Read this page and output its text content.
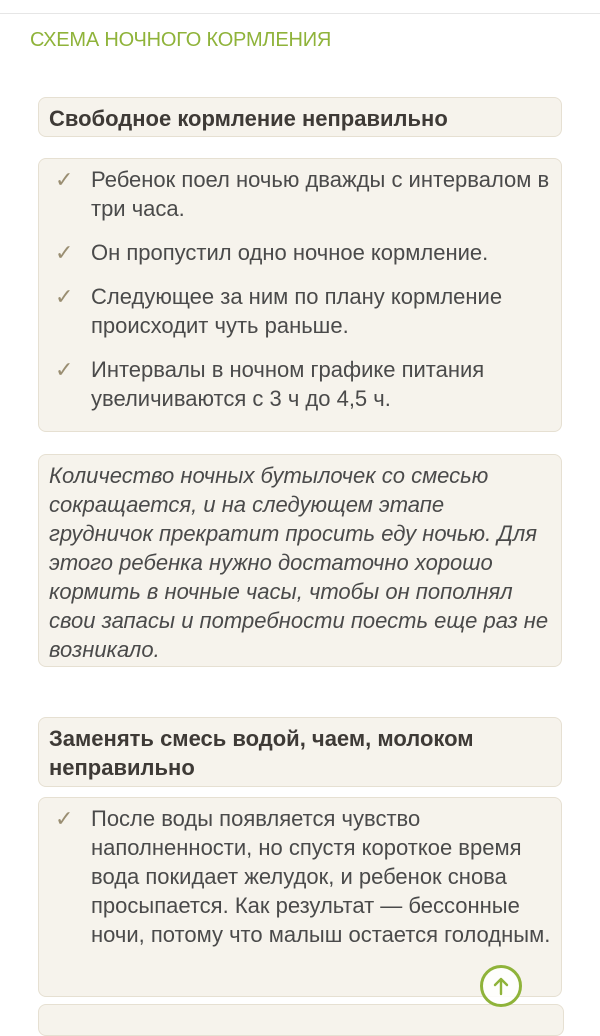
СХЕМА НОЧНОГО КОРМЛЕНИЯ
Свободное кормление неправильно
✓ Ребенок поел ночью дважды с интервалом в три часа.
✓ Он пропустил одно ночное кормление.
✓ Следующее за ним по плану кормление происходит чуть раньше.
✓ Интервалы в ночном графике питания увеличиваются с 3 ч до 4,5 ч.
Количество ночных бутылочек со смесью сокращается, и на следующем этапе грудничок прекратит просить еду ночью. Для этого ребенка нужно достаточно хорошо кормить в ночные часы, чтобы он пополнял свои запасы и потребности поесть еще раз не возникало.
Заменять смесь водой, чаем, молоком неправильно
✓ После воды появляется чувство наполненности, но спустя короткое время вода покидает желудок, и ребенок снова просыпается. Как результат — бессонные ночи, потому что малыш остается голодным.
